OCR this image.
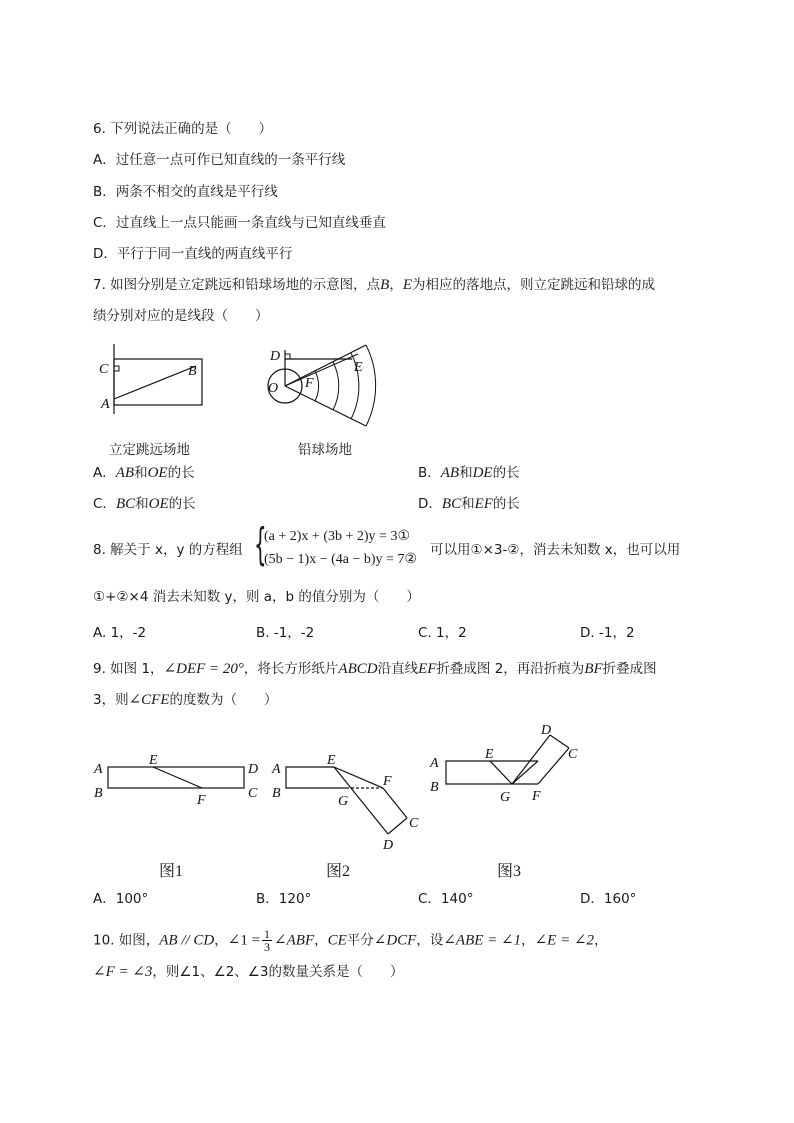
6. 下列说法正确的是（　　）
A．过任意一点可作已知直线的一条平行线
B．两条不相交的直线是平行线
C．过直线上一点只能画一条直线与已知直线垂直
D．平行于同一直线的两直线平行
7. 如图分别是立定跳远和铅球场地的示意图，点B，E为相应的落地点，则立定跳远和铅球的成
绩分别对应的是线段（　　）
C	B
A
立定跳远场地
D
O F
E
铅球场地
A．AB和OE的长	B．AB和DE的长
C．BC和OE的长	D．BC和EF的长
8. 解关于 x，y 的方程组 {
(a + 2)x + (3b + 2)y = 3①
(5b − 1)x − (4a − b)y = 7②
可以用①×3-②，消去未知数 x，也可以用
①+②×4 消去未知数 y，则 a，b 的值分别为（　　）
A. 1，-2	B. -1，-2	C. 1，2	D. -1，2
9. 如图 1，∠DEF = 20°，将长方形纸片ABCD沿直线EF折叠成图 2，再沿折痕为BF折叠成图
3，则∠CFE的度数为（　　）
A
E
D
B	F	C
A
E
F
B
G
C
D
D
C
E
A
B
G F
图1	图2	图3
A．100°	B．120°	C．140°	D．160°
10. 如图，AB // CD，∠1 = $\frac{1}{3}$ ∠ABF，CE平分∠DCF，设∠ABE = ∠1，∠E = ∠2，
∠F = ∠3，则∠1、∠2、∠3的数量关系是（　　）
